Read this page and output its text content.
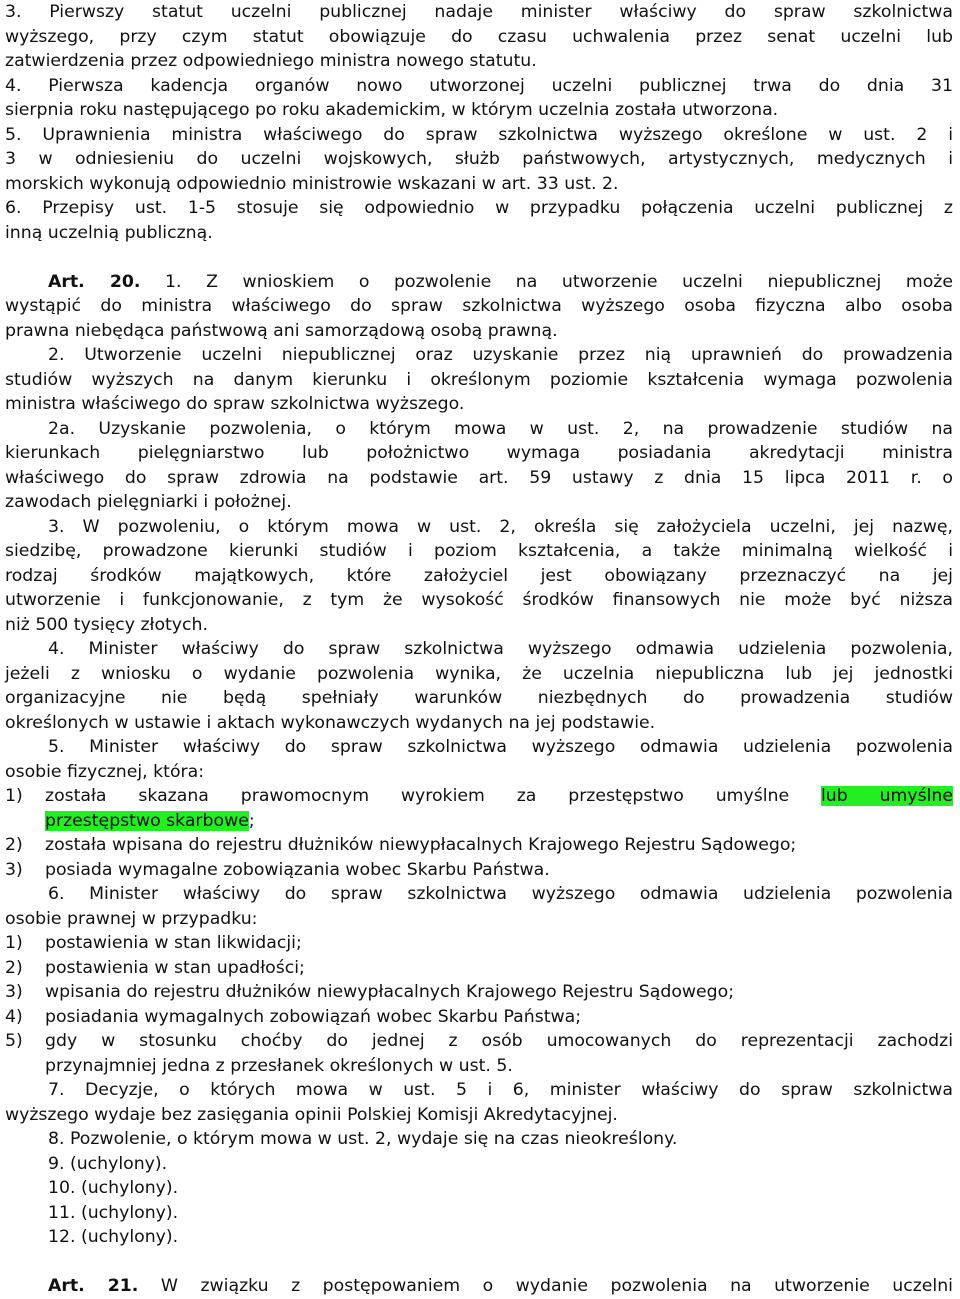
3. Pierwszy statut uczelni publicznej nadaje minister właściwy do spraw szkolnictwa
wyższego, przy czym statut obowiązuje do czasu uchwalenia przez senat uczelni lub
zatwierdzenia przez odpowiedniego ministra nowego statutu.
4. Pierwsza kadencja organów nowo utworzonej uczelni publicznej trwa do dnia 31
sierpnia roku następującego po roku akademickim, w którym uczelnia została utworzona.
5. Uprawnienia ministra właściwego do spraw szkolnictwa wyższego określone w ust. 2 i
3 w odniesieniu do uczelni wojskowych, służb państwowych, artystycznych, medycznych i
morskich wykonują odpowiednio ministrowie wskazani w art. 33 ust. 2.
6. Przepisy ust. 1-5 stosuje się odpowiednio w przypadku połączenia uczelni publicznej z
inną uczelnią publiczną.
Art. 20. 1. Z wnioskiem o pozwolenie na utworzenie uczelni niepublicznej może
wystąpić do ministra właściwego do spraw szkolnictwa wyższego osoba fizyczna albo osoba
prawna niebędąca państwową ani samorządową osobą prawną.
2. Utworzenie uczelni niepublicznej oraz uzyskanie przez nią uprawnień do prowadzenia
studiów wyższych na danym kierunku i określonym poziomie kształcenia wymaga pozwolenia
ministra właściwego do spraw szkolnictwa wyższego.
2a. Uzyskanie pozwolenia, o którym mowa w ust. 2, na prowadzenie studiów na
kierunkach pielęgniarstwo lub położnictwo wymaga posiadania akredytacji ministra
właściwego do spraw zdrowia na podstawie art. 59 ustawy z dnia 15 lipca 2011 r. o
zawodach pielęgniarki i położnej.
3. W pozwoleniu, o którym mowa w ust. 2, określa się założyciela uczelni, jej nazwę,
siedzibę, prowadzone kierunki studiów i poziom kształcenia, a także minimalną wielkość i
rodzaj środków majątkowych, które założyciel jest obowiązany przeznaczyć na jej
utworzenie i funkcjonowanie, z tym że wysokość środków finansowych nie może być niższa
niż 500 tysięcy złotych.
4. Minister właściwy do spraw szkolnictwa wyższego odmawia udzielenia pozwolenia,
jeżeli z wniosku o wydanie pozwolenia wynika, że uczelnia niepubliczna lub jej jednostki
organizacyjne nie będą spełniały warunków niezbędnych do prowadzenia studiów
określonych w ustawie i aktach wykonawczych wydanych na jej podstawie.
5. Minister właściwy do spraw szkolnictwa wyższego odmawia udzielenia pozwolenia
osobie fizycznej, która:
1) została skazana prawomocnym wyrokiem za przestępstwo umyślne lub umyślne
przestępstwo skarbowe;
2) została wpisana do rejestru dłużników niewypłacalnych Krajowego Rejestru Sądowego;
3) posiada wymagalne zobowiązania wobec Skarbu Państwa.
6. Minister właściwy do spraw szkolnictwa wyższego odmawia udzielenia pozwolenia
osobie prawnej w przypadku:
1) postawienia w stan likwidacji;
2) postawienia w stan upadłości;
3) wpisania do rejestru dłużników niewypłacalnych Krajowego Rejestru Sądowego;
4) posiadania wymagalnych zobowiązań wobec Skarbu Państwa;
5) gdy w stosunku choćby do jednej z osób umocowanych do reprezentacji zachodzi
przynajmniej jedna z przesłanek określonych w ust. 5.
7. Decyzje, o których mowa w ust. 5 i 6, minister właściwy do spraw szkolnictwa
wyższego wydaje bez zasięgania opinii Polskiej Komisji Akredytacyjnej.
8. Pozwolenie, o którym mowa w ust. 2, wydaje się na czas nieokreślony.
9. (uchylony).
10. (uchylony).
11. (uchylony).
12. (uchylony).
Art. 21. W związku z postępowaniem o wydanie pozwolenia na utworzenie uczelni
